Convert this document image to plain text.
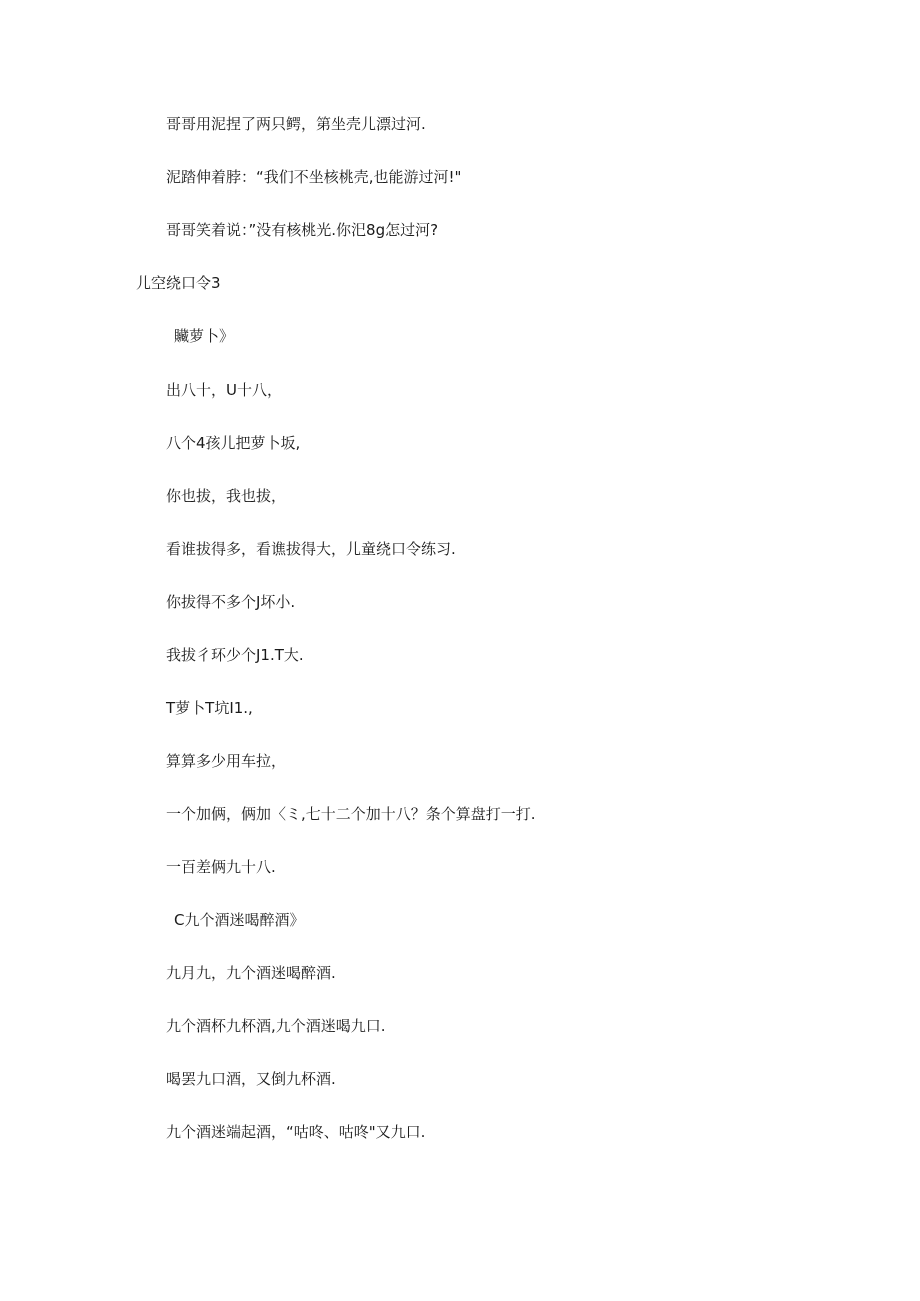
哥哥用泥捏了两只鳄，第坐壳儿漂过河.
泥踏伸着脖：“我们不坐核桃壳,也能游过河!"
哥哥笑着说：”没有核桃光.你汜8g怎过河?
儿空绕口令3
贜萝卜》
出八十，U十八，
八个4孩儿把萝卜坂,
你也拔，我也拔，
看谁拔得多，看谯拔得大，儿童绕口令练习.
你拔得不多个J坏小.
我拔彳环少个J1.T大.
T萝卜T坑I1.,
算算多少用车拉，
一个加俩，俩加〈ミ,七十二个加十八？条个算盘打一打.
一百差俩九十八.
C九个酒迷喝醉酒》
九月九，九个酒迷喝醉酒.
九个酒杯九杯酒,九个酒迷喝九口.
喝罢九口酒，又倒九杯酒.
九个酒迷端起酒，“咕咚、咕咚"又九口.
